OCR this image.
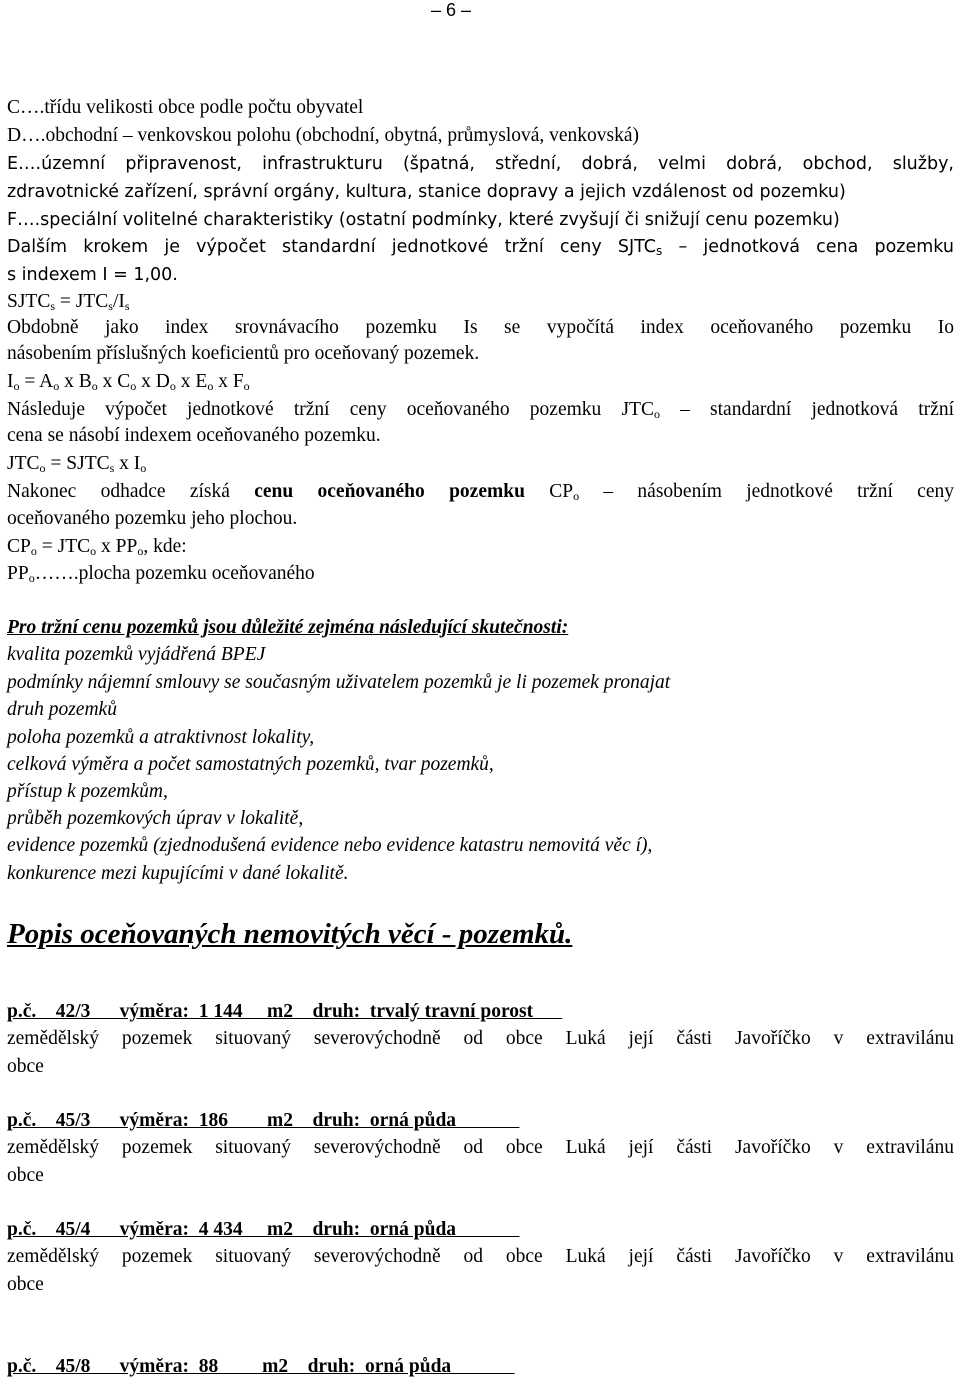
– 6 –
C….třídu velikosti obce podle počtu obyvatel
D….obchodní – venkovskou polohu (obchodní, obytná, průmyslová, venkovská)
E….územní připravenost, infrastrukturu (špatná, střední, dobrá, velmi dobrá, obchod, služby,
zdravotnické zařízení, správní orgány, kultura, stanice dopravy a jejich vzdálenost od pozemku)
F….speciální volitelné charakteristiky (ostatní podmínky, které zvyšují či snižují cenu pozemku)
Dalším krokem je výpočet standardní jednotkové tržní ceny $SJTC_s$ – jednotková cena pozemku
s indexem I = 1,00.
$SJTC_s = JTC_s/I_s$
Obdobně jako index srovnávacího pozemku Is se vypočítá index oceňovaného pozemku Io
násobením příslušných koeficientů pro oceňovaný pozemek.
$I_o = A_o$ x $B_o$ x $C_o$ x $D_o$ x $E_o$ x $F_o$
Následuje výpočet jednotkové tržní ceny oceňovaného pozemku $JTC_o$ – standardní jednotková tržní
cena se násobí indexem oceňovaného pozemku.
$JTC_o$ = $SJTC_s$ x $I_o$
Nakonec odhadce získá cenu oceňovaného pozemku $CP_o$ – násobením jednotkové tržní ceny
oceňovaného pozemku jeho plochou.
$CP_o = JTC_o$ x $PP_o$, kde:
$PP_o\dots\dots.plocha$ pozemku oceňovaného
Pro tržní cenu pozemků jsou důležité zejména následující skutečnosti:
kvalita pozemků vyjádřená BPEJ
podmínky nájemní smlouvy se současným uživatelem pozemků je li pozemek pronajat
druh pozemků
poloha pozemků a atraktivnost lokality,
celková výměra a počet samostatných pozemků, tvar pozemků,
přístup k pozemkům,
průběh pozemkových úprav v lokalitě,
evidence pozemků (zjednodušená evidence nebo evidence katastru nemovitá věc í),
konkurence mezi kupujícími v dané lokalitě.
Popis oceňovaných nemovitých věcí - pozemků.
p.č.    42/3      výměra:  1 144     m2    druh:  trvalý travní porost
zemědělský pozemek situovaný severovýchodně od obce Luká její části Javoříčko v extravilánu
obce
p.č.    45/3      výměra:  186        m2    druh:  orná půda
zemědělský pozemek situovaný severovýchodně od obce Luká její části Javoříčko v extravilánu
obce
p.č.    45/4      výměra:  4 434     m2    druh:  orná půda
zemědělský pozemek situovaný severovýchodně od obce Luká její části Javoříčko v extravilánu
obce
p.č.    45/8      výměra:  88         m2    druh:  orná půda
